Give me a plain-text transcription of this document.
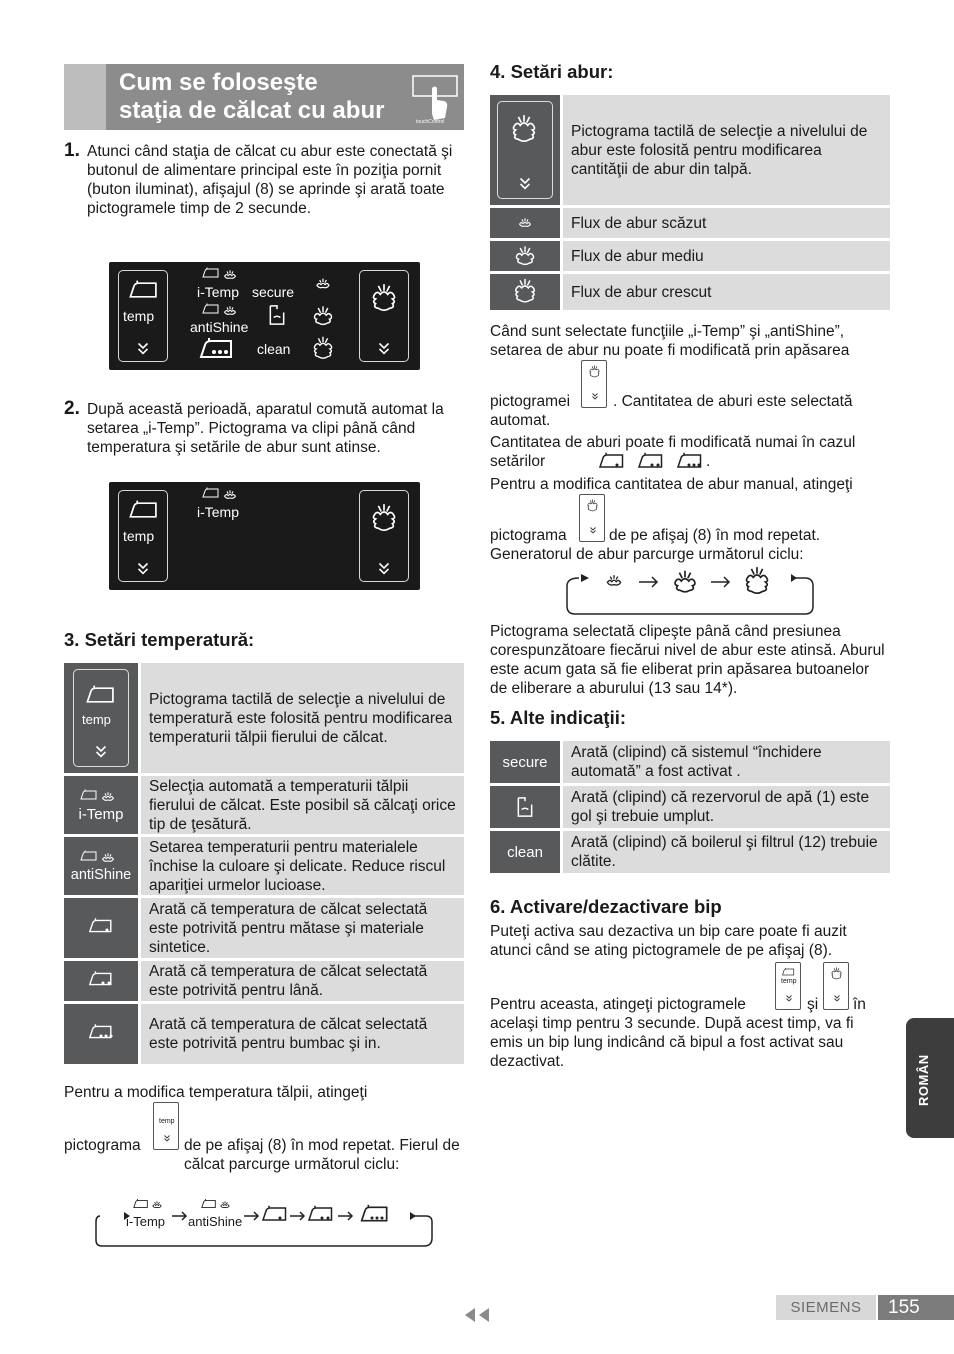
Cum se foloseşte
staţia de călcat cu abur	touchControl
1. Atunci când staţia de călcat cu abur este conectată şi butonul de alimentare principal este în poziţia pornit (buton iluminat), afişajul (8) se aprinde şi arată toate pictogramele timp de 2 secunde.
temp
i-Temp
antiShine
secure
clean
2. După această perioadă, aparatul comută automat la setarea „i-Temp”. Pictograma va clipi până când temperatura şi setările de abur sunt atinse.
temp
i-Temp
3. Setări temperatură:
temp	Pictograma tactilă de selecţie a nivelului de temperatură este folosită pentru modificarea temperaturii tălpii fierului de călcat.

i-Temp	Selecţia automată a temperaturii tălpii fierului de călcat. Este posibil să călcaţi orice tip de ţesătură.

antiShine	Setarea temperaturii pentru materialele închise la culoare şi delicate. Reduce riscul apariţiei urmelor lucioase.
	Arată că temperatura de călcat selectată este potrivită pentru mătase şi materiale sintetice.
	Arată că temperatura de călcat selectată este potrivită pentru lână.
	Arată că temperatura de călcat selectată este potrivită pentru bumbac şi in.
Pentru a modifica temperatura tălpii, atingeţi
pictograma
temp
de pe afişaj (8) în mod repetat. Fierul de călcat parcurge următorul ciclu:
i-Temp antiShine
4. Setări abur:
	Pictograma tactilă de selecţie a nivelului de abur este folosită pentru modificarea cantităţii de abur din talpă.
	Flux de abur scăzut
	Flux de abur mediu
	Flux de abur crescut
Când sunt selectate funcţiile „i-Temp” şi „antiShine”, setarea de abur nu poate fi modificată prin apăsarea
pictogramei	. Cantitatea de aburi este selectată automat.
Cantitatea de aburi poate fi modificată numai în cazul setărilor	.
Pentru a modifica cantitatea de abur manual, atingeţi
pictograma	de pe afişaj (8) în mod repetat.
Generatorul de abur parcurge următorul ciclu:
Pictograma selectată clipeşte până când presiunea corespunzătoare fiecărui nivel de abur este atinsă. Aburul este acum gata să fie eliberat prin apăsarea butoanelor de eliberare a aburului (13 sau 14*).
5. Alte indicaţii:
secure	Arată (clipind) că sistemul “închidere automată” a fost activat .
	Arată (clipind) că rezervorul de apă (1) este gol şi trebuie umplut.
clean	Arată (clipind) că boilerul şi filtrul (12) trebuie clătite.
6. Activare/dezactivare bip
Puteţi activa sau dezactiva un bip care poate fi auzit atunci când se ating pictogramele de pe afişaj (8).
Pentru aceasta, atingeţi pictogramele
temp
şi în
acelaşi timp pentru 3 secunde. După acest timp, va fi emis un bip lung indicând că bipul a fost activat sau dezactivat.	ROMÂN
SIEMENS	155
